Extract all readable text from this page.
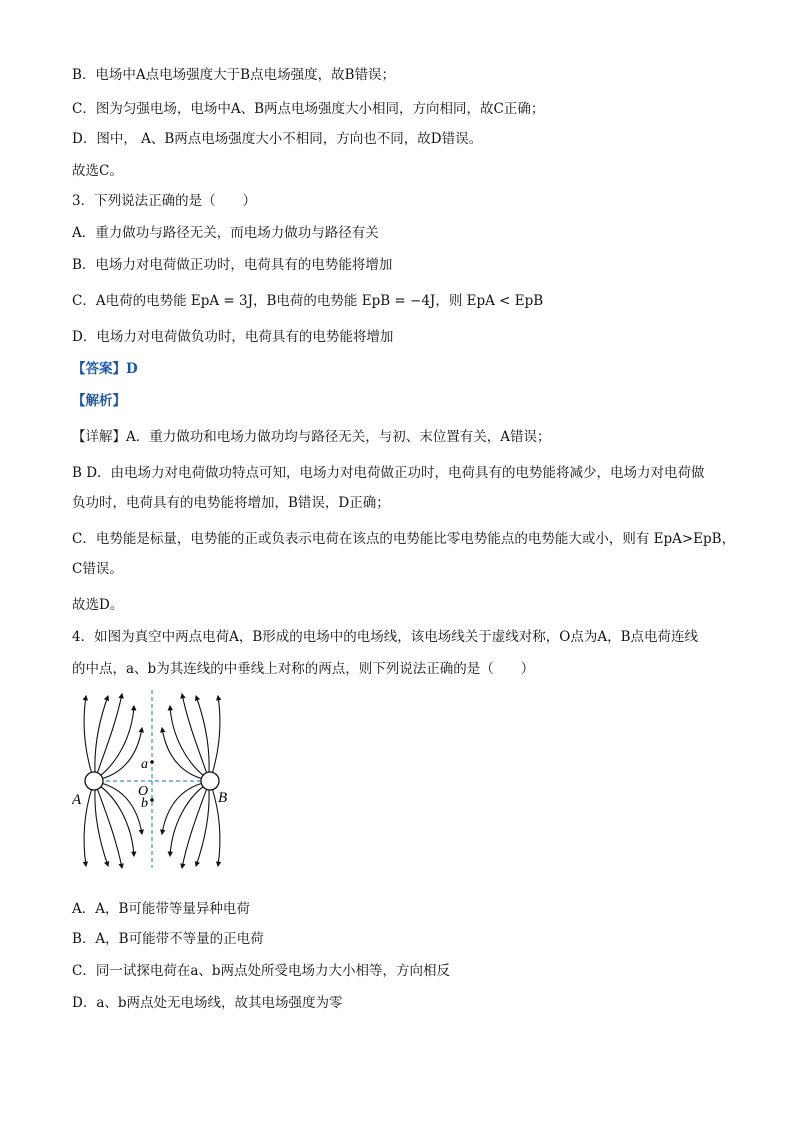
B．电场中A点电场强度大于B点电场强度，故B错误；
C．图为匀强电场，电场中A、B两点电场强度大小相同，方向相同，故C正确；
D．图中， A、B两点电场强度大小不相同，方向也不同，故D错误。
故选C。
3．下列说法正确的是（　　）
A．重力做功与路径无关，而电场力做功与路径有关
B．电场力对电荷做正功时，电荷具有的电势能将增加
C．A电荷的电势能 EpA = 3J，B电荷的电势能 EpB = −4J，则 EpA < EpB
D．电场力对电荷做负功时，电荷具有的电势能将增加
【答案】D
【解析】
【详解】A．重力做功和电场力做功均与路径无关，与初、末位置有关，A错误；
B D．由电场力对电荷做功特点可知，电场力对电荷做正功时，电荷具有的电势能将减少，电场力对电荷做
负功时，电荷具有的电势能将增加，B错误，D正确；
C．电势能是标量，电势能的正或负表示电荷在该点的电势能比零电势能点的电势能大或小，则有 EpA>EpB，
C错误。
故选D。
4．如图为真空中两点电荷A，B形成的电场中的电场线，该电场线关于虚线对称，O点为A，B点电荷连线
的中点，a、b为其连线的中垂线上对称的两点，则下列说法正确的是（　　）
A	B
O
a
b
A．A，B可能带等量异种电荷
B．A，B可能带不等量的正电荷
C．同一试探电荷在a、b两点处所受电场力大小相等，方向相反
D．a、b两点处无电场线，故其电场强度为零
